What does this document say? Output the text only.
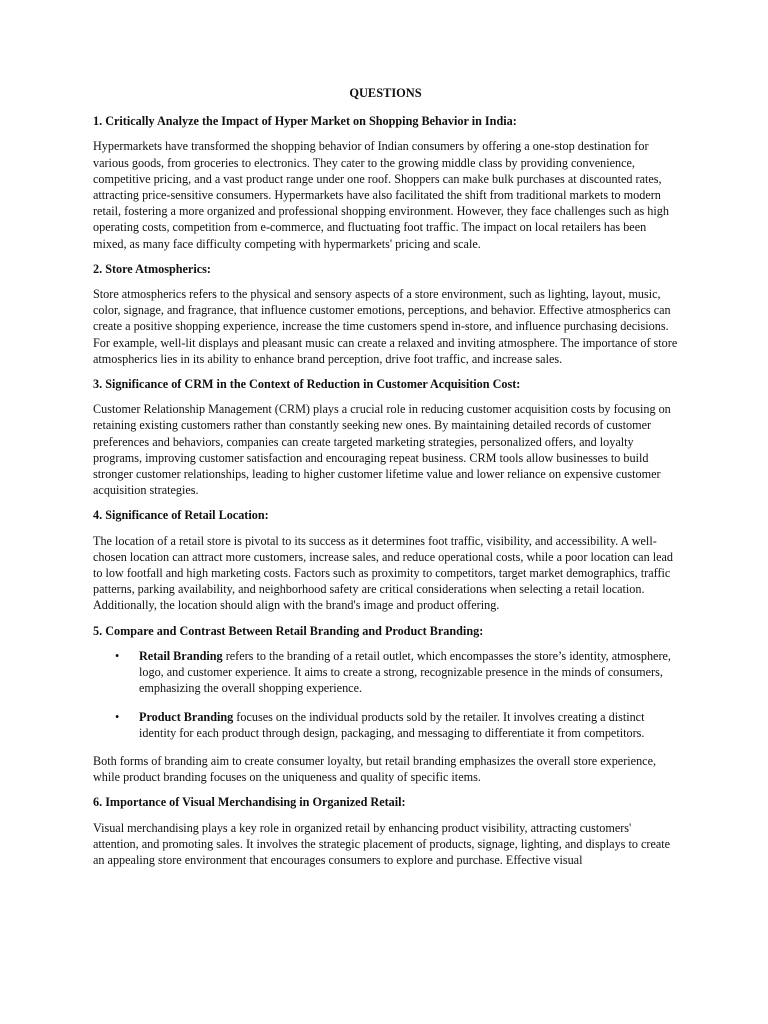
QUESTIONS
1. Critically Analyze the Impact of Hyper Market on Shopping Behavior in India:
Hypermarkets have transformed the shopping behavior of Indian consumers by offering a one-stop destination for various goods, from groceries to electronics. They cater to the growing middle class by providing convenience, competitive pricing, and a vast product range under one roof. Shoppers can make bulk purchases at discounted rates, attracting price-sensitive consumers. Hypermarkets have also facilitated the shift from traditional markets to modern retail, fostering a more organized and professional shopping environment. However, they face challenges such as high operating costs, competition from e-commerce, and fluctuating foot traffic. The impact on local retailers has been mixed, as many face difficulty competing with hypermarkets' pricing and scale.
2. Store Atmospherics:
Store atmospherics refers to the physical and sensory aspects of a store environment, such as lighting, layout, music, color, signage, and fragrance, that influence customer emotions, perceptions, and behavior. Effective atmospherics can create a positive shopping experience, increase the time customers spend in-store, and influence purchasing decisions. For example, well-lit displays and pleasant music can create a relaxed and inviting atmosphere. The importance of store atmospherics lies in its ability to enhance brand perception, drive foot traffic, and increase sales.
3. Significance of CRM in the Context of Reduction in Customer Acquisition Cost:
Customer Relationship Management (CRM) plays a crucial role in reducing customer acquisition costs by focusing on retaining existing customers rather than constantly seeking new ones. By maintaining detailed records of customer preferences and behaviors, companies can create targeted marketing strategies, personalized offers, and loyalty programs, improving customer satisfaction and encouraging repeat business. CRM tools allow businesses to build stronger customer relationships, leading to higher customer lifetime value and lower reliance on expensive customer acquisition strategies.
4. Significance of Retail Location:
The location of a retail store is pivotal to its success as it determines foot traffic, visibility, and accessibility. A well-chosen location can attract more customers, increase sales, and reduce operational costs, while a poor location can lead to low footfall and high marketing costs. Factors such as proximity to competitors, target market demographics, traffic patterns, parking availability, and neighborhood safety are critical considerations when selecting a retail location. Additionally, the location should align with the brand's image and product offering.
5. Compare and Contrast Between Retail Branding and Product Branding:
• Retail Branding refers to the branding of a retail outlet, which encompasses the store’s identity, atmosphere, logo, and customer experience. It aims to create a strong, recognizable presence in the minds of consumers, emphasizing the overall shopping experience.
• Product Branding focuses on the individual products sold by the retailer. It involves creating a distinct identity for each product through design, packaging, and messaging to differentiate it from competitors.
Both forms of branding aim to create consumer loyalty, but retail branding emphasizes the overall store experience, while product branding focuses on the uniqueness and quality of specific items.
6. Importance of Visual Merchandising in Organized Retail:
Visual merchandising plays a key role in organized retail by enhancing product visibility, attracting customers' attention, and promoting sales. It involves the strategic placement of products, signage, lighting, and displays to create an appealing store environment that encourages consumers to explore and purchase. Effective visual
